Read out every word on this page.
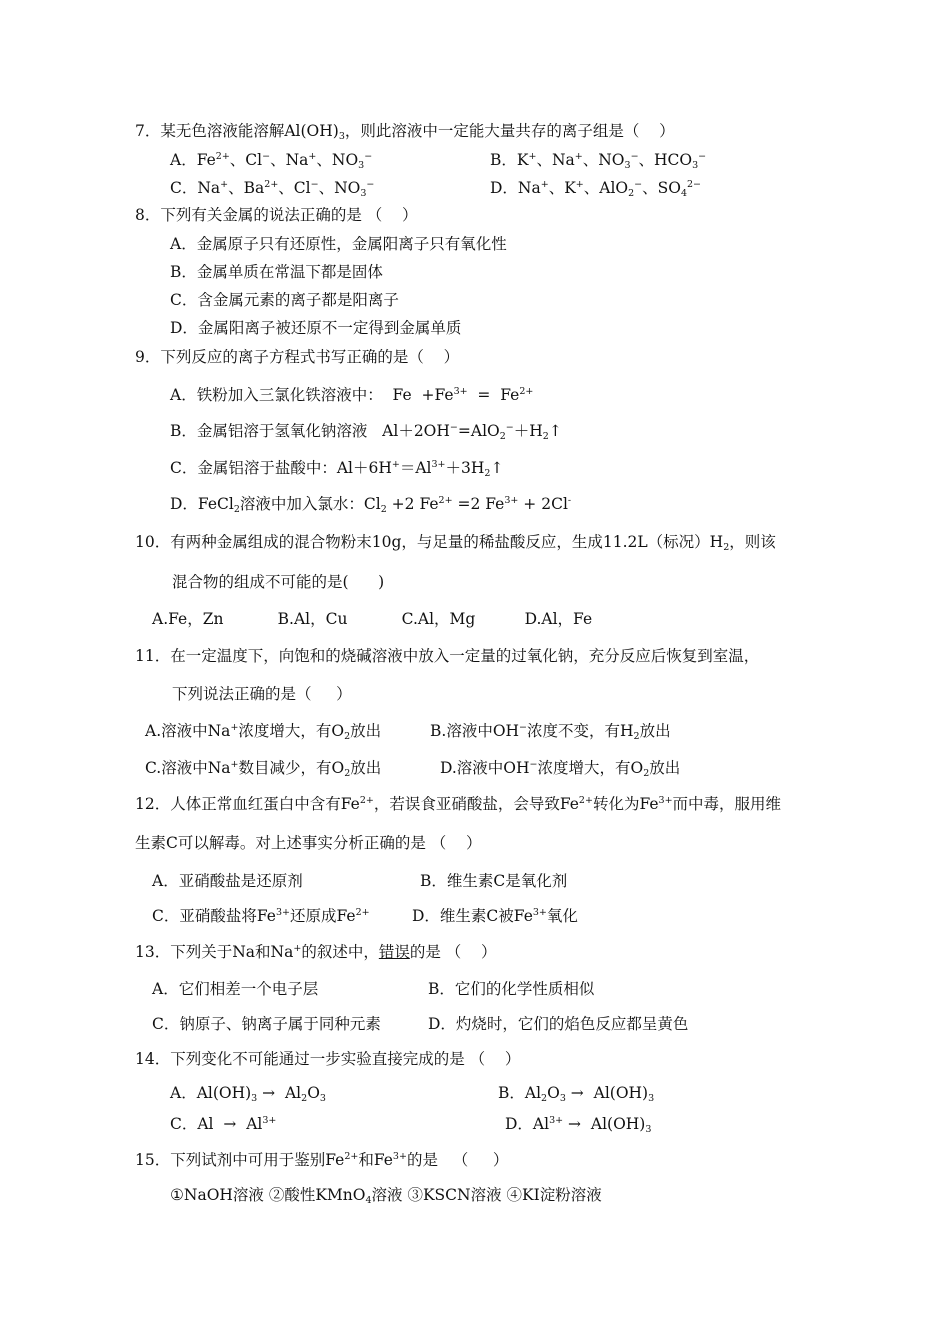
7．某无色溶液能溶解$Al(OH)_3$，则此溶液中一定能大量共存的离子组是（    ）
A．$Fe^{2+}$、Cl−、Na+、$NO_3^-$	B．K+、Na+、$NO_3^-$、$HCO_3^-$
C．Na+、$Ba^{2+}$、Cl−、$NO_3^-$	D．Na+、K+、AlO$_2$−、$SO_4^{2-}$
8．下列有关金属的说法正确的是 （    ）
A．金属原子只有还原性，金属阳离子只有氧化性
B．金属单质在常温下都是固体
C．含金属元素的离子都是阳离子
D．金属阳离子被还原不一定得到金属单质
9．下列反应的离子方程式书写正确的是（    ）
A．铁粉加入三氯化铁溶液中：  $Fe +Fe^{3+} = Fe^{2+}$
B．金属铝溶于氢氧化钠溶液   $Al+2OH^-=AlO_2^-+H_2↑$
C．金属铝溶于盐酸中：$Al+6H^+=Al^{3+}+3H_2↑$
D．FeCl$_2$溶液中加入氯水：$Cl_2 +2$ $Fe^{2+} =2$ $Fe^{3+} + 2Cl^-$
10．有两种金属组成的混合物粉末10g，与足量的稀盐酸反应，生成11.2L（标况）$H_2$，则该
混合物的组成不可能的是(      )
A.Fe，Zn           B.Al，Cu           C.Al，Mg          D.Al，Fe
11．在一定温度下，向饱和的烧碱溶液中放入一定量的过氧化钠，充分反应后恢复到室温，
下列说法正确的是（     ）
A.溶液中Na+浓度增大，有$O_2$放出	B.溶液中OH−浓度不变，有$H_2$放出
C.溶液中Na+数目减少，有$O_2$放出	D.溶液中OH−浓度增大，有$O_2$放出
12．人体正常血红蛋白中含有$Fe^{2+}$，若误食亚硝酸盐，会导致$Fe^{2+}$转化为$Fe^{3+}$而中毒，服用维
生素C可以解毒。对上述事实分析正确的是 （    ）
A．亚硝酸盐是还原剂	B．维生素C是氧化剂
C．亚硝酸盐将$Fe^{3+}$还原成$Fe^{2+}$	D．维生素C被$Fe^{3+}$氧化
13．下列关于Na和Na+的叙述中，错误的是 （    ）
A．它们相差一个电子层	B．它们的化学性质相似
C．钠原子、钠离子属于同种元素	D．灼烧时，它们的焰色反应都呈黄色
14．下列变化不可能通过一步实验直接完成的是 （    ）
A．$Al(OH)_3 \to Al_2O_3$	B．$Al_2O_3 \to Al(OH)_3$
C．$Al \to Al^{3+}$	D．$Al^{3+} \to Al(OH)_3$
15．下列试剂中可用于鉴别$Fe^{2+}$和$Fe^{3+}$的是   （     ）
①NaOH溶液 ②酸性KMnO$_4$溶液 ③KSCN溶液 ④KI淀粉溶液
